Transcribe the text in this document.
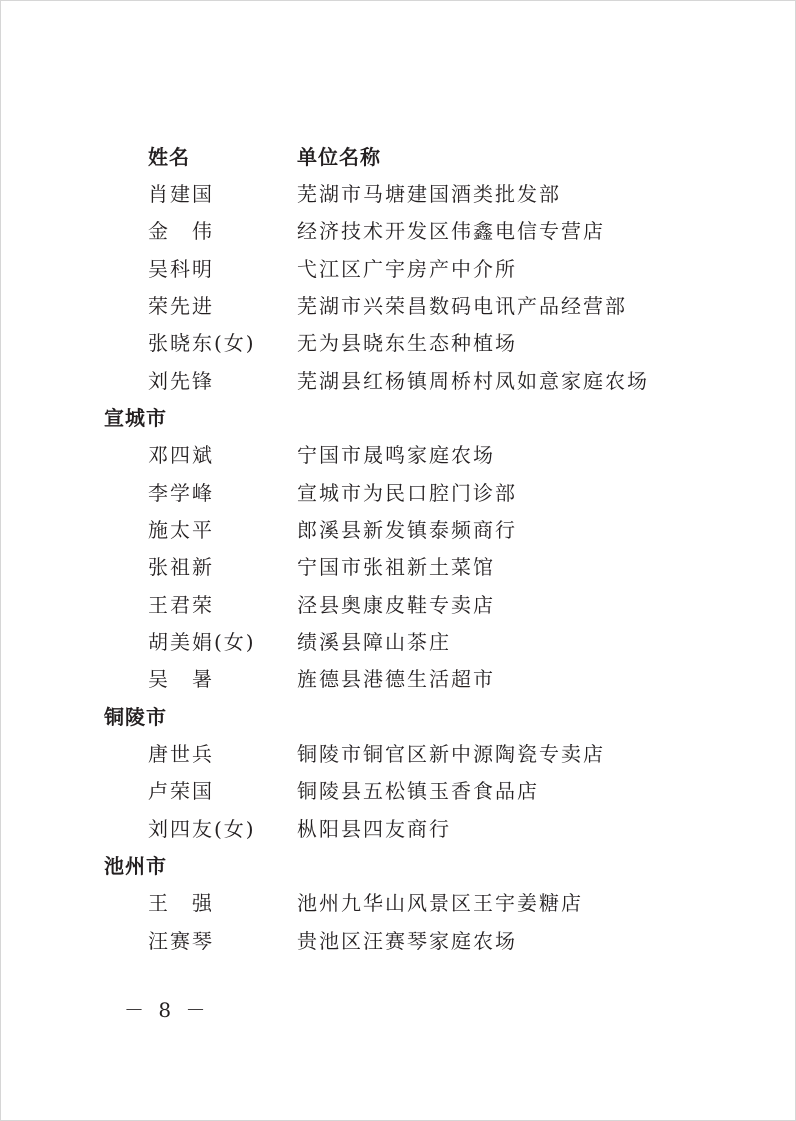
姓名	单位名称
肖建国	芜湖市马塘建国酒类批发部
金　伟	经济技术开发区伟鑫电信专营店
吴科明	弋江区广宇房产中介所
荣先进	芜湖市兴荣昌数码电讯产品经营部
张晓东(女) 无为县晓东生态种植场
刘先锋	芜湖县红杨镇周桥村凤如意家庭农场
宣城市
邓四斌	宁国市晟鸣家庭农场
李学峰	宣城市为民口腔门诊部
施太平	郎溪县新发镇泰频商行
张祖新	宁国市张祖新土菜馆
王君荣	泾县奥康皮鞋专卖店
胡美娟(女) 绩溪县障山茶庄
吴　暑	旌德县港德生活超市
铜陵市
唐世兵	铜陵市铜官区新中源陶瓷专卖店
卢荣国	铜陵县五松镇玉香食品店
刘四友(女) 枞阳县四友商行
池州市
王　强	池州九华山风景区王宇姜糖店
汪赛琴	贵池区汪赛琴家庭农场
－ 8 －
